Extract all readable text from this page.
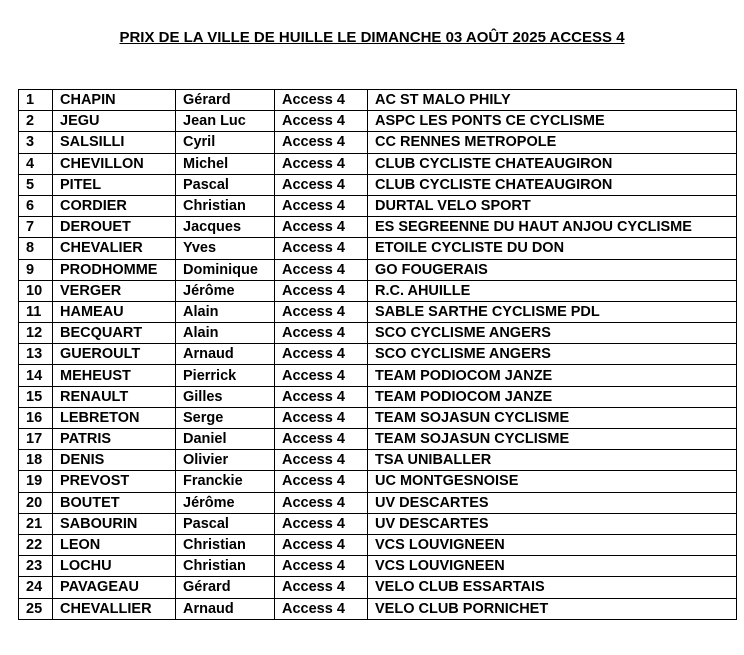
PRIX DE LA VILLE DE HUILLE LE DIMANCHE 03 AOÛT 2025 ACCESS 4
1	CHAPIN	Gérard	Access 4	AC ST MALO PHILY
2	JEGU	Jean Luc	Access 4	ASPC LES PONTS CE CYCLISME
3	SALSILLI	Cyril	Access 4	CC RENNES METROPOLE
4	CHEVILLON	Michel	Access 4	CLUB CYCLISTE CHATEAUGIRON
5	PITEL	Pascal	Access 4	CLUB CYCLISTE CHATEAUGIRON
6	CORDIER	Christian	Access 4	DURTAL VELO SPORT
7	DEROUET	Jacques	Access 4	ES SEGREENNE DU HAUT ANJOU CYCLISME
8	CHEVALIER	Yves	Access 4	ETOILE CYCLISTE DU DON
9	PRODHOMME	Dominique	Access 4	GO FOUGERAIS
10	VERGER	Jérôme	Access 4	R.C. AHUILLE
11	HAMEAU	Alain	Access 4	SABLE SARTHE CYCLISME PDL
12	BECQUART	Alain	Access 4	SCO CYCLISME ANGERS
13	GUEROULT	Arnaud	Access 4	SCO CYCLISME ANGERS
14	MEHEUST	Pierrick	Access 4	TEAM PODIOCOM JANZE
15	RENAULT	Gilles	Access 4	TEAM PODIOCOM JANZE
16	LEBRETON	Serge	Access 4	TEAM SOJASUN CYCLISME
17	PATRIS	Daniel	Access 4	TEAM SOJASUN CYCLISME
18	DENIS	Olivier	Access 4	TSA UNIBALLER
19	PREVOST	Franckie	Access 4	UC MONTGESNOISE
20	BOUTET	Jérôme	Access 4	UV DESCARTES
21	SABOURIN	Pascal	Access 4	UV DESCARTES
22	LEON	Christian	Access 4	VCS LOUVIGNEEN
23	LOCHU	Christian	Access 4	VCS LOUVIGNEEN
24	PAVAGEAU	Gérard	Access 4	VELO CLUB ESSARTAIS
25	CHEVALLIER	Arnaud	Access 4	VELO CLUB PORNICHET
